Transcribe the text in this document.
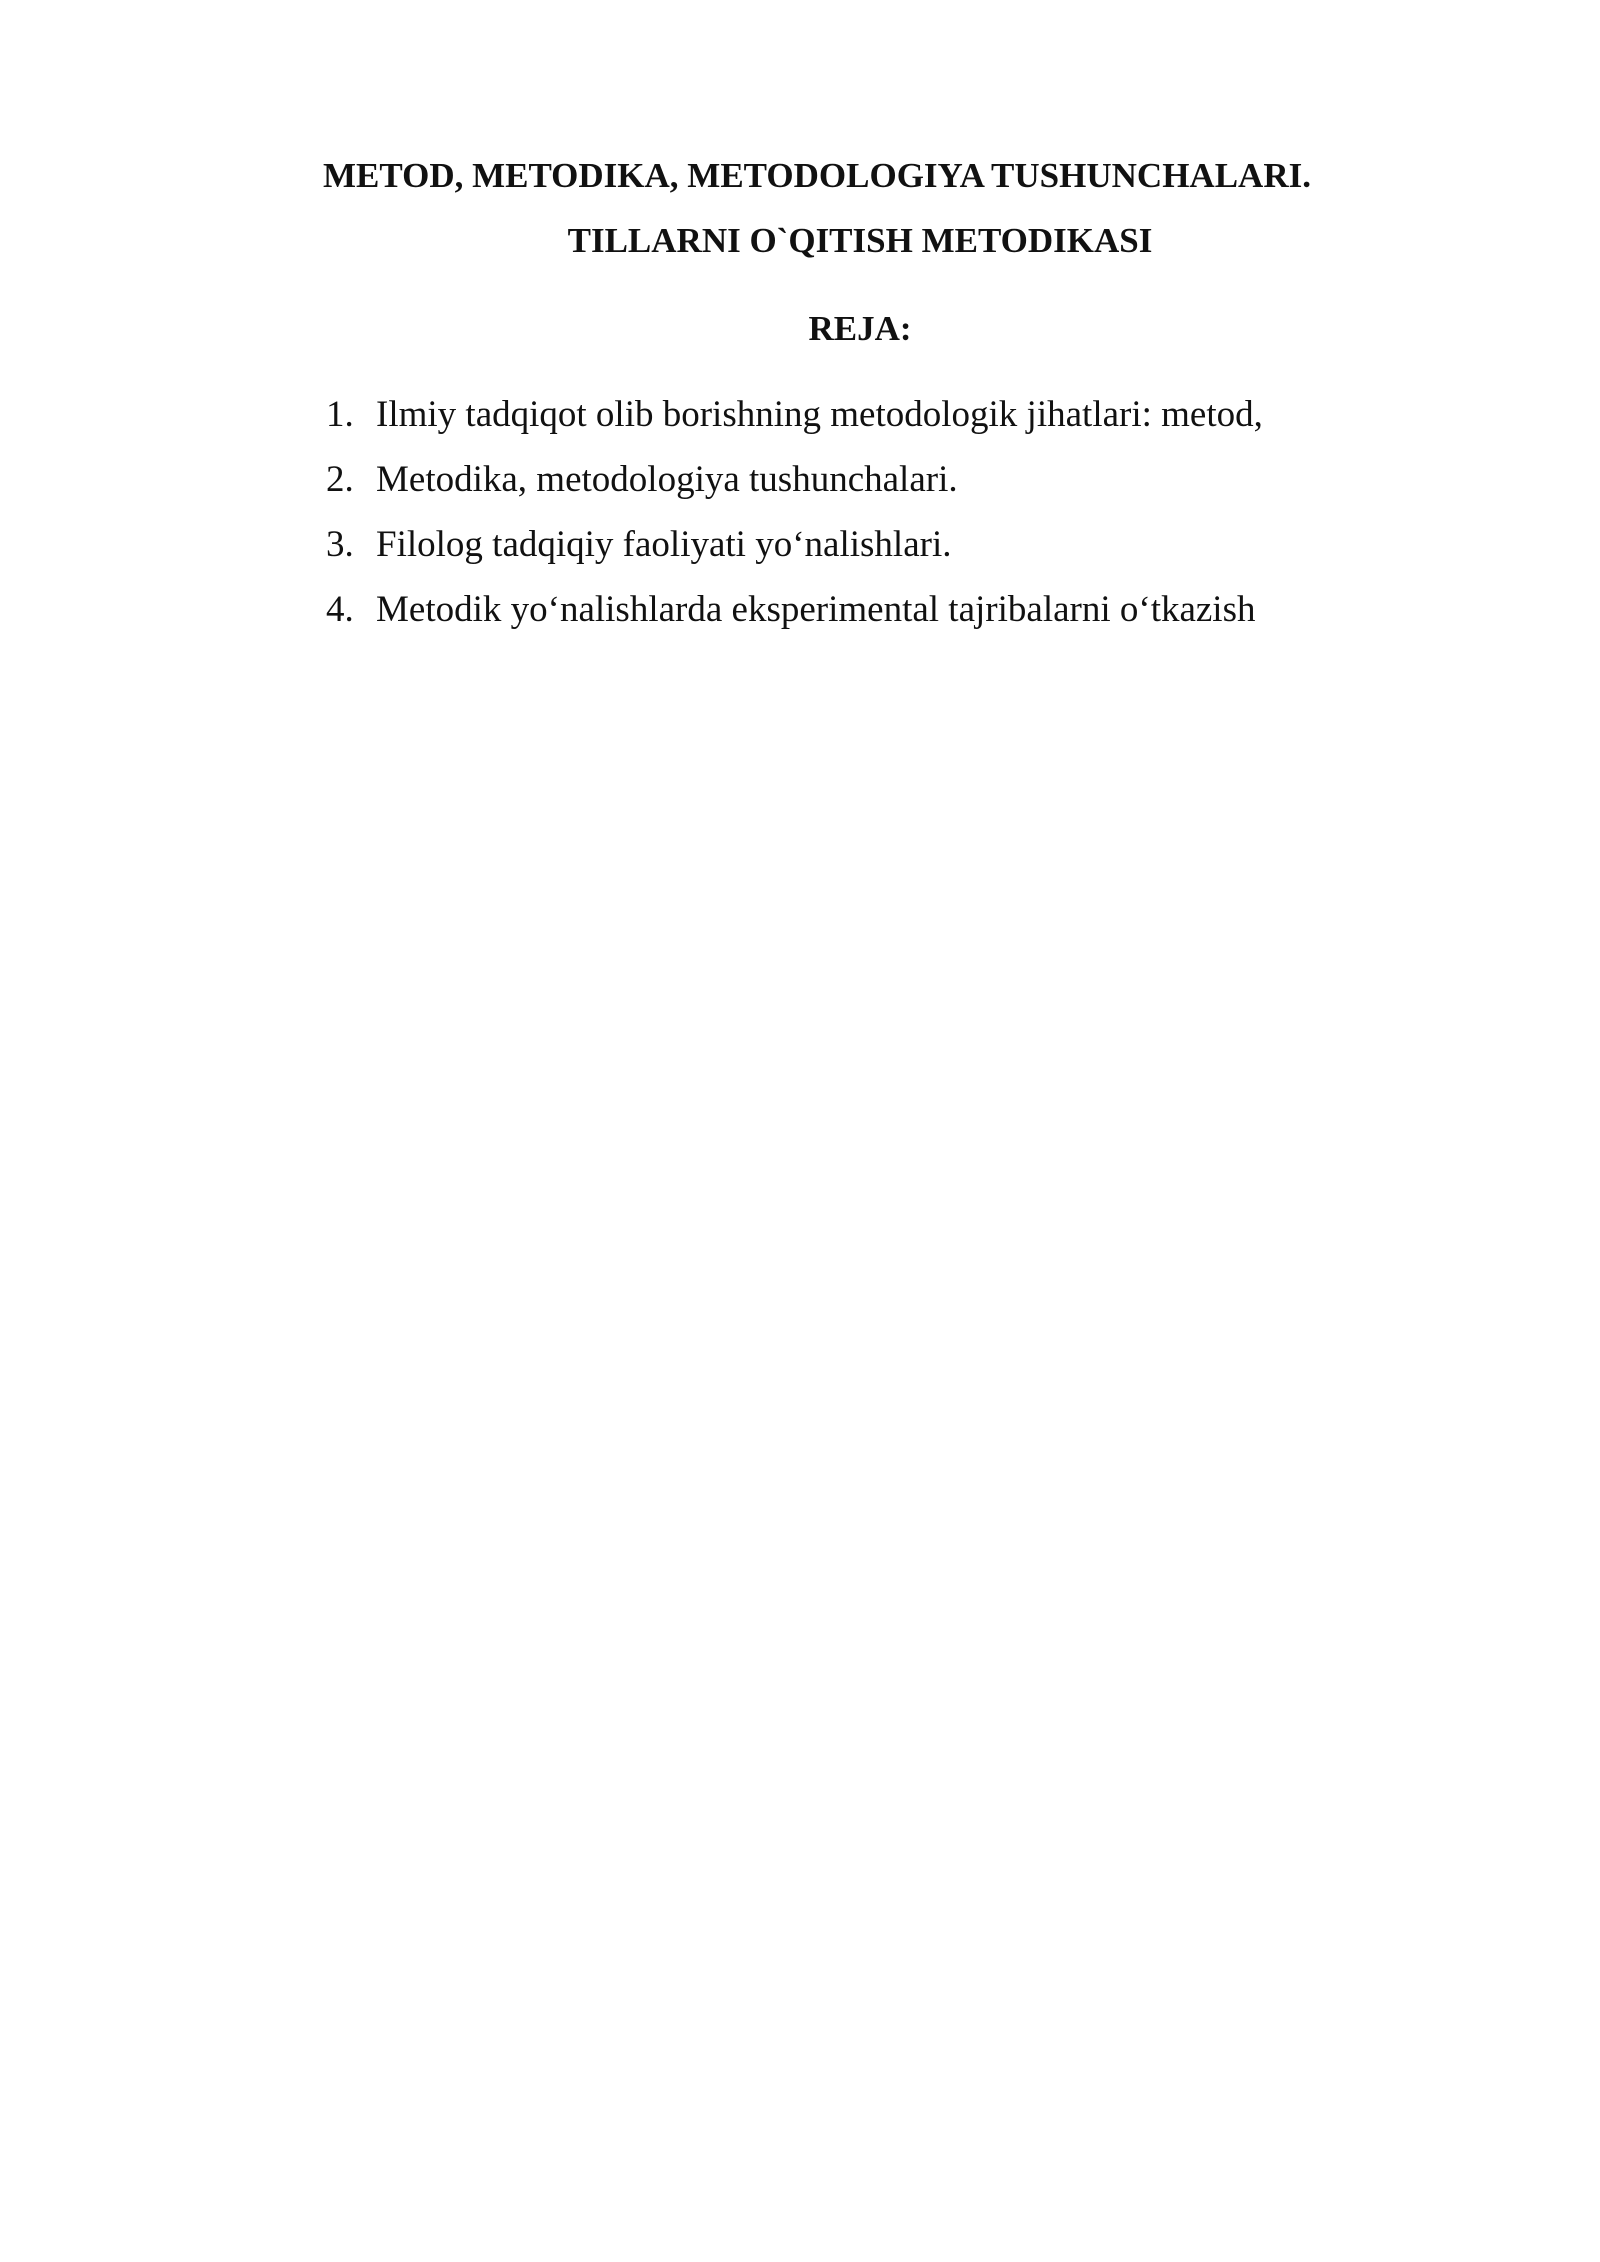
METOD, METODIKA, METODOLOGIYA TUSHUNCHALARI.
TILLARNI O`QITISH METODIKASI
REJA:
1. Ilmiy tadqiqot olib borishning metodologik jihatlari: metod,
2. Metodika, metodologiya tushunchalari.
3. Filolog tadqiqiy faoliyati yo‘nalishlari.
4. Metodik yo‘nalishlarda eksperimental tajribalarni o‘tkazish
